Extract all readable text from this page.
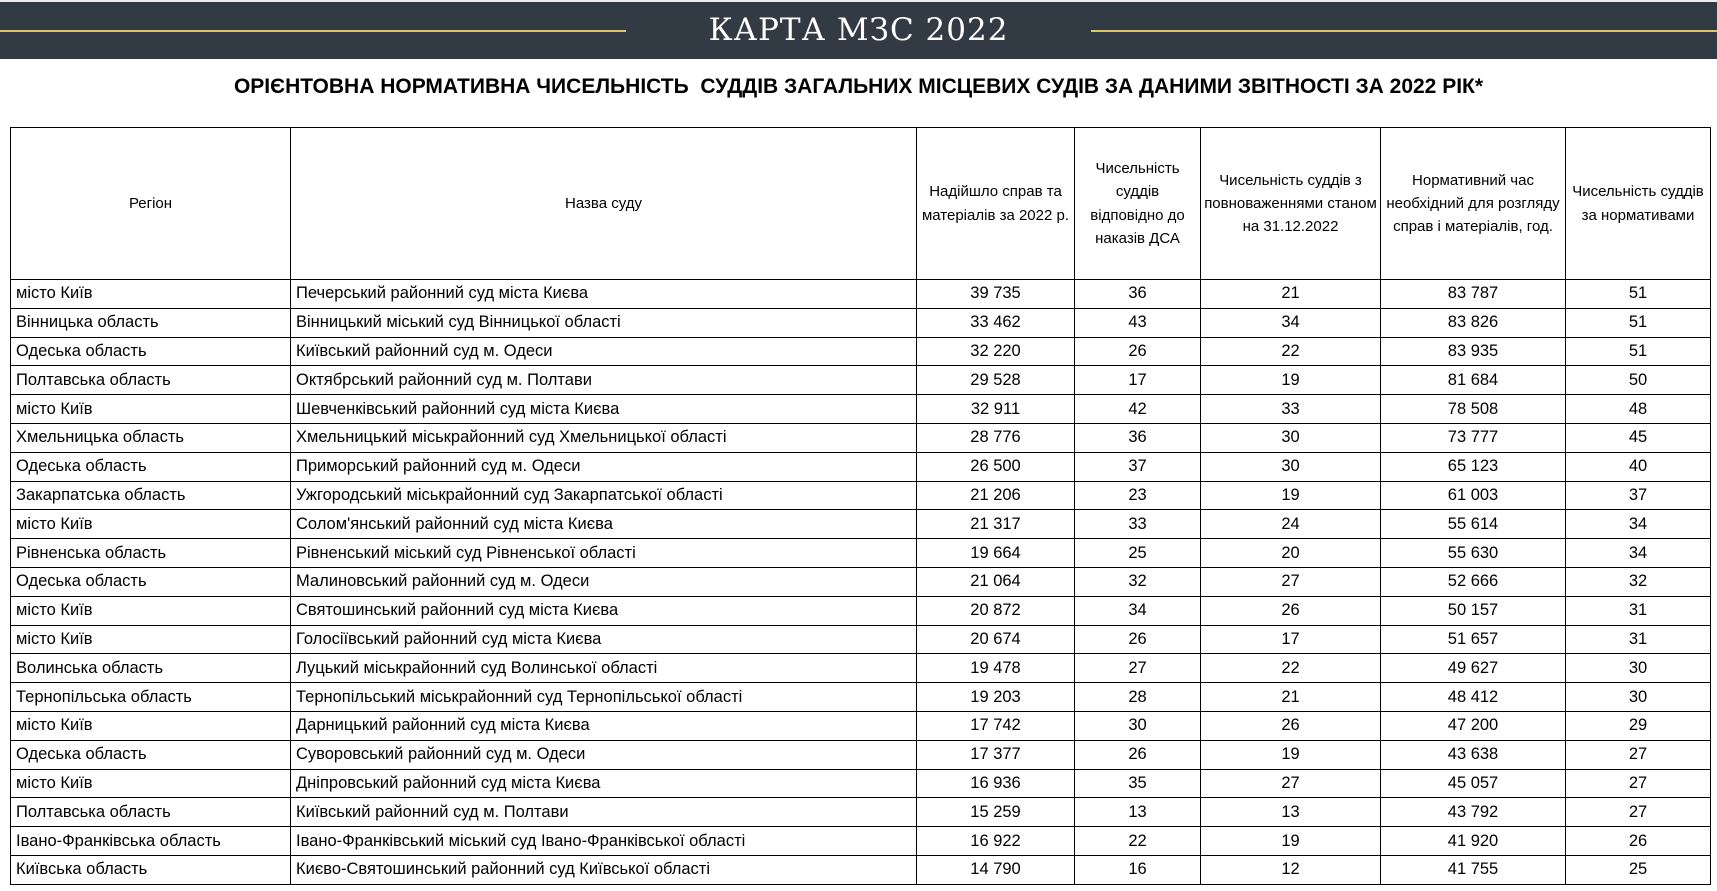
КАРТА МЗС 2022
ОРІЄНТОВНА НОРМАТИВНА ЧИСЕЛЬНІСТЬ  СУДДІВ ЗАГАЛЬНИХ МІСЦЕВИХ СУДІВ ЗА ДАНИМИ ЗВІТНОСТІ ЗА 2022 РІК*
Регіон	Назва суду	Надійшло справ та матеріалів за 2022 р.	Чисельність суддів відповідно до наказів ДСА	Чисельність суддів з повноваженнями станом на 31.12.2022	Нормативний час необхідний для розгляду справ і матеріалів, год.	Чисельність суддів за нормативами
місто Київ	Печерський районний суд міста Києва	39 735	36	21	83 787	51
Вінницька область	Вінницький міський суд Вінницької області	33 462	43	34	83 826	51
Одеська область	Київський районний суд м. Одеси	32 220	26	22	83 935	51
Полтавська область	Октябрський районний суд м. Полтави	29 528	17	19	81 684	50
місто Київ	Шевченківський районний суд міста Києва	32 911	42	33	78 508	48
Хмельницька область	Хмельницький міськрайонний суд Хмельницької області	28 776	36	30	73 777	45
Одеська область	Приморський районний суд м. Одеси	26 500	37	30	65 123	40
Закарпатська область	Ужгородський міськрайонний суд Закарпатської області	21 206	23	19	61 003	37
місто Київ	Солом'янський районний суд міста Києва	21 317	33	24	55 614	34
Рівненська область	Рівненський міський суд Рівненської області	19 664	25	20	55 630	34
Одеська область	Малиновський районний суд м. Одеси	21 064	32	27	52 666	32
місто Київ	Святошинський районний суд міста Києва	20 872	34	26	50 157	31
місто Київ	Голосіївський районний суд міста Києва	20 674	26	17	51 657	31
Волинська область	Луцький міськрайонний суд Волинської області	19 478	27	22	49 627	30
Тернопільська область	Тернопільський міськрайонний суд Тернопільської області	19 203	28	21	48 412	30
місто Київ	Дарницький районний суд міста Києва	17 742	30	26	47 200	29
Одеська область	Суворовський районний суд м. Одеси	17 377	26	19	43 638	27
місто Київ	Дніпровський районний суд міста Києва	16 936	35	27	45 057	27
Полтавська область	Київський районний суд м. Полтави	15 259	13	13	43 792	27
Івано-Франківська область	Івано-Франківський міський суд Івано-Франківської області	16 922	22	19	41 920	26
Київська область	Києво-Святошинський районний суд Київської області	14 790	16	12	41 755	25
